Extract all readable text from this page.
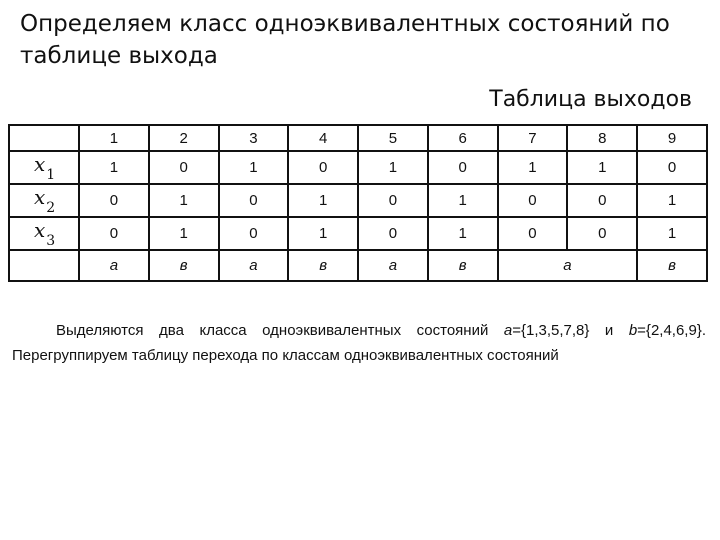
Определяем класс одноэквивалентных состояний по таблице выхода
Таблица выходов
	1	2	3	4	5	6	7	8	9
$x_1$	1	0	1	0	1	0	1	1	0
$x_2$	0	1	0	1	0	1	0	0	1
$x_3$	0	1	0	1	0	1	0	0	1
	а	в	а	в	а	в	а		в

Выделяются два класса одноэквивалентных состояний a={1,3,5,7,8} и b={2,4,6,9}. Перегруппируем таблицу перехода по классам одноэквивалентных состояний
